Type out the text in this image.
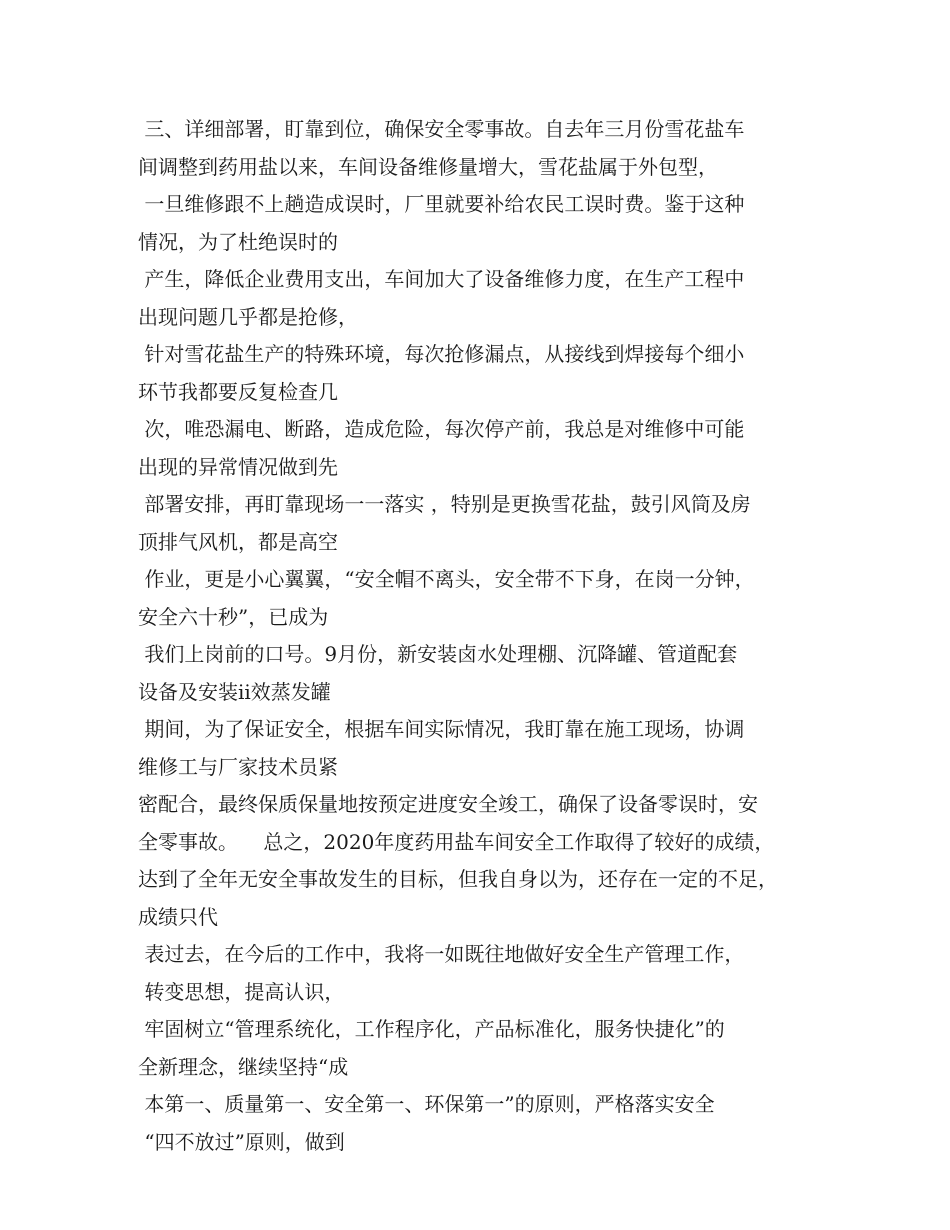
三、详细部署，盯靠到位，确保安全零事故。自去年三月份雪花盐车
间调整到药用盐以来，车间设备维修量增大，雪花盐属于外包型，
一旦维修跟不上趟造成误时，厂里就要补给农民工误时费。鉴于这种
情况，为了杜绝误时的
产生，降低企业费用支出，车间加大了设备维修力度，在生产工程中
出现问题几乎都是抢修，
针对雪花盐生产的特殊环境，每次抢修漏点，从接线到焊接每个细小
环节我都要反复检查几
次，唯恐漏电、断路，造成危险，每次停产前，我总是对维修中可能
出现的异常情况做到先
部署安排，再盯靠现场一一落实 ，特别是更换雪花盐，鼓引风筒及房
顶排气风机，都是高空
作业，更是小心翼翼，“安全帽不离头，安全带不下身，在岗一分钟，
安全六十秒”，已成为
我们上岗前的口号。9月份，新安装卤水处理棚、沉降罐、管道配套
设备及安装ii效蒸发罐
期间，为了保证安全，根据车间实际情况，我盯靠在施工现场，协调
维修工与厂家技术员紧
密配合，最终保质保量地按预定进度安全竣工，确保了设备零误时，安
全零事故。    总之，2020年度药用盐车间安全工作取得了较好的成绩，
达到了全年无安全事故发生的目标，但我自身以为，还存在一定的不足，
成绩只代
表过去，在今后的工作中，我将一如既往地做好安全生产管理工作，
转变思想，提高认识，
牢固树立“管理系统化，工作程序化，产品标准化，服务快捷化”的
全新理念，继续坚持“成
本第一、质量第一、安全第一、环保第一”的原则，严格落实安全
“四不放过”原则，做到
